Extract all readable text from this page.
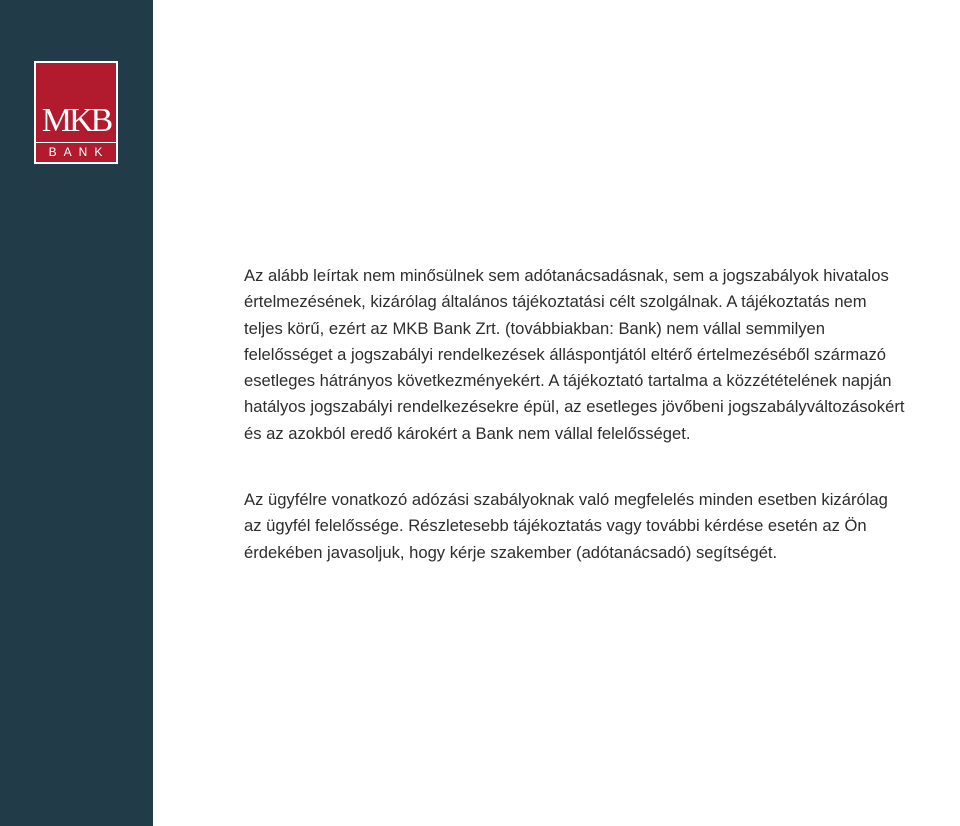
MKB
BANK

Az alább leírtak nem minősülnek sem adótanácsadásnak, sem a jogszabályok hivatalos
értelmezésének, kizárólag általános tájékoztatási célt szolgálnak. A tájékoztatás nem
teljes körű, ezért az MKB Bank Zrt. (továbbiakban: Bank) nem vállal semmilyen
felelősséget a jogszabályi rendelkezések álláspontjától eltérő értelmezéséből származó
esetleges hátrányos következményekért. A tájékoztató tartalma a közzétételének napján
hatályos jogszabályi rendelkezésekre épül, az esetleges jövőbeni jogszabályváltozásokért
és az azokból eredő károkért a Bank nem vállal felelősséget.

Az ügyfélre vonatkozó adózási szabályoknak való megfelelés minden esetben kizárólag
az ügyfél felelőssége. Részletesebb tájékoztatás vagy további kérdése esetén az Ön
érdekében javasoljuk, hogy kérje szakember (adótanácsadó) segítségét.
